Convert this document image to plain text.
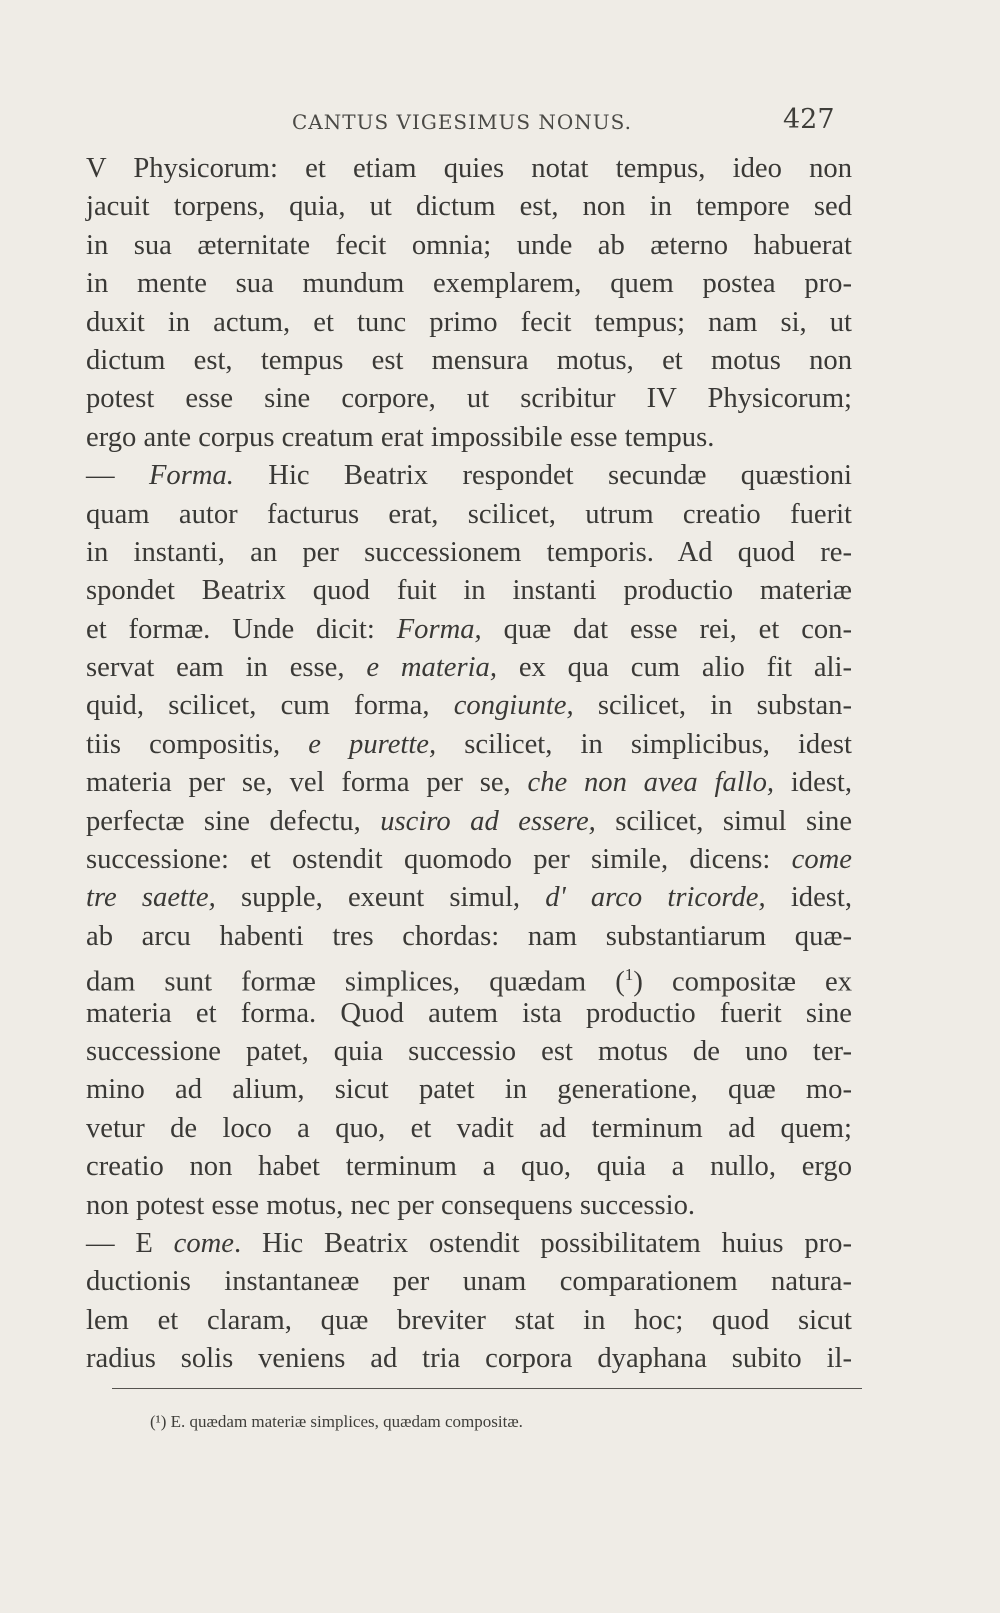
CANTUS VIGESIMUS NONUS.	427
V Physicorum: et etiam quies notat tempus, ideo non
jacuit torpens, quia, ut dictum est, non in tempore sed
in sua æternitate fecit omnia; unde ab æterno habuerat
in mente sua mundum exemplarem, quem postea pro-
duxit in actum, et tunc primo fecit tempus; nam si, ut
dictum est, tempus est mensura motus, et motus non
potest esse sine corpore, ut scribitur IV Physicorum;
ergo ante corpus creatum erat impossibile esse tempus.
— Forma. Hic Beatrix respondet secundæ quæstioni
quam autor facturus erat, scilicet, utrum creatio fuerit
in instanti, an per successionem temporis. Ad quod re-
spondet Beatrix quod fuit in instanti productio materiæ
et formæ. Unde dicit: Forma, quæ dat esse rei, et con-
servat eam in esse, e materia, ex qua cum alio fit ali-
quid, scilicet, cum forma, congiunte, scilicet, in substan-
tiis compositis, e purette, scilicet, in simplicibus, idest
materia per se, vel forma per se, che non avea fallo, idest,
perfectæ sine defectu, usciro ad essere, scilicet, simul sine
successione: et ostendit quomodo per simile, dicens: come
tre saette, supple, exeunt simul, d' arco tricorde, idest,
ab arcu habenti tres chordas: nam substantiarum quæ-
dam sunt formæ simplices, quædam ($^1$) compositæ ex
materia et forma. Quod autem ista productio fuerit sine
successione patet, quia successio est motus de uno ter-
mino ad alium, sicut patet in generatione, quæ mo-
vetur de loco a quo, et vadit ad terminum ad quem;
creatio non habet terminum a quo, quia a nullo, ergo
non potest esse motus, nec per consequens successio.
— E come. Hic Beatrix ostendit possibilitatem huius pro-
ductionis instantaneæ per unam comparationem natura-
lem et claram, quæ breviter stat in hoc; quod sicut
radius solis veniens ad tria corpora dyaphana subito il-
(¹) E. quædam materiæ simplices, quædam compositæ.
